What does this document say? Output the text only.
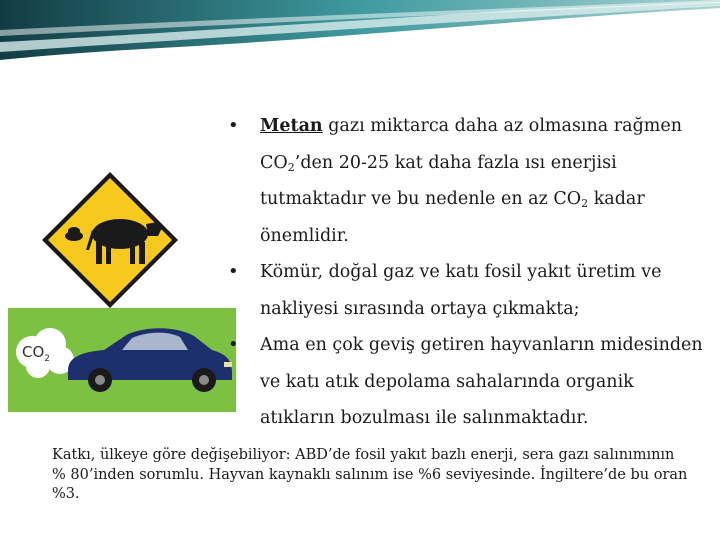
$CO_2$
• Metan gazı miktarca daha az olmasına rağmen
$CO_2’den$ 20-25 kat daha fazla ısı enerjisi
tutmaktadır ve bu nedenle en az $CO_2$ kadar
önemlidir.
• Kömür, doğal gaz ve katı fosil yakıt üretim ve
nakliyesi sırasında ortaya çıkmakta;
• Ama en çok geviş getiren hayvanların midesinden
ve katı atık depolama sahalarında organik
atıkların bozulması ile salınmaktadır.
Katkı, ülkeye göre değişebiliyor: ABD’de fosil yakıt bazlı enerji, sera gazı salınımının % 80’inden sorumlu. Hayvan kaynaklı salınım ise %6 seviyesinde. İngiltere’de bu oran %3.
